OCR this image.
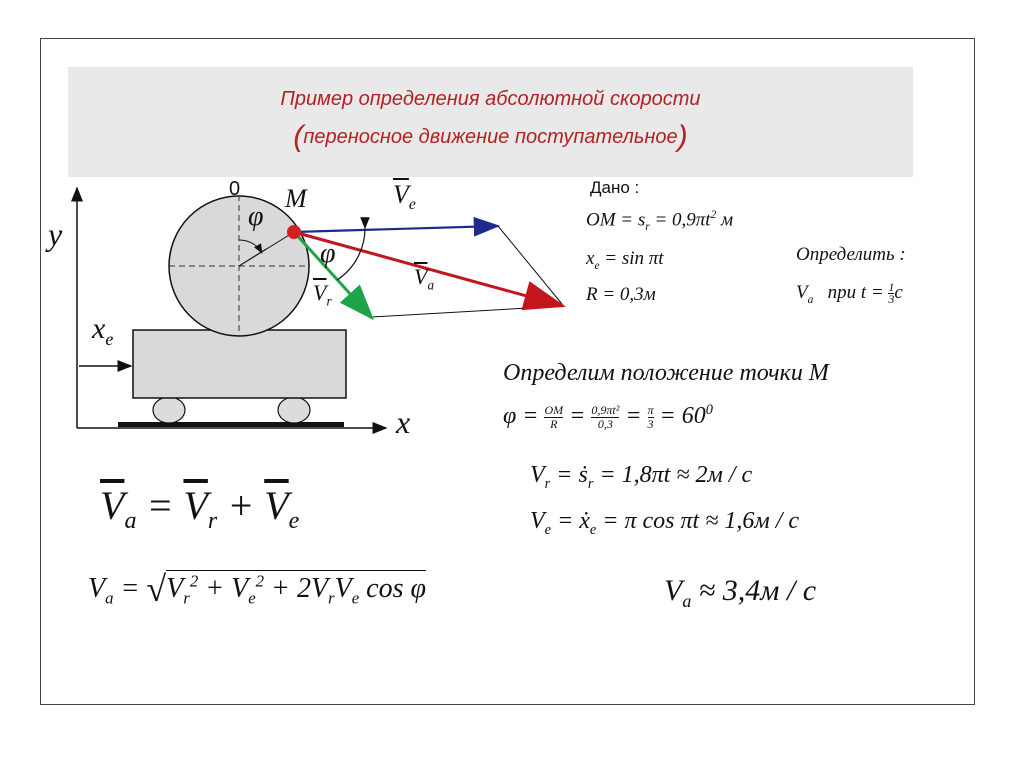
Пример определения абсолютной скорости
(переносное движение поступательное)
0 M
φ
φ
y
x
$x_e$
$\overline{V}_e$
$\overline{V}_a$
$\overline{V}_r$
Дано :
OM = $s_r = 0,9\pi t^2$ м
$x_e = \sin \pi t$
R = 0,3м
Определить :
$V_a$ при $t = \frac{1}{3}$ c
Определим положение точки М
$\varphi = \frac{OM}{R} = \frac{\text{0,9πt²}}{0,3} = \frac{\pi}{3} = 60^0$
$V_r$ = ṡ$_r$ = 1,8πt ≈ 2м / с
$V_e$ = ẋ$_e$ = π cos πt ≈ 1,6м / с
$\overline{V}_a = \overline{V}_r + \overline{V}_e$
$V_a = √V_r^2 + V_e^2 + 2V_rV_e$ cos φ	$V_a \approx 3,4м / с$
